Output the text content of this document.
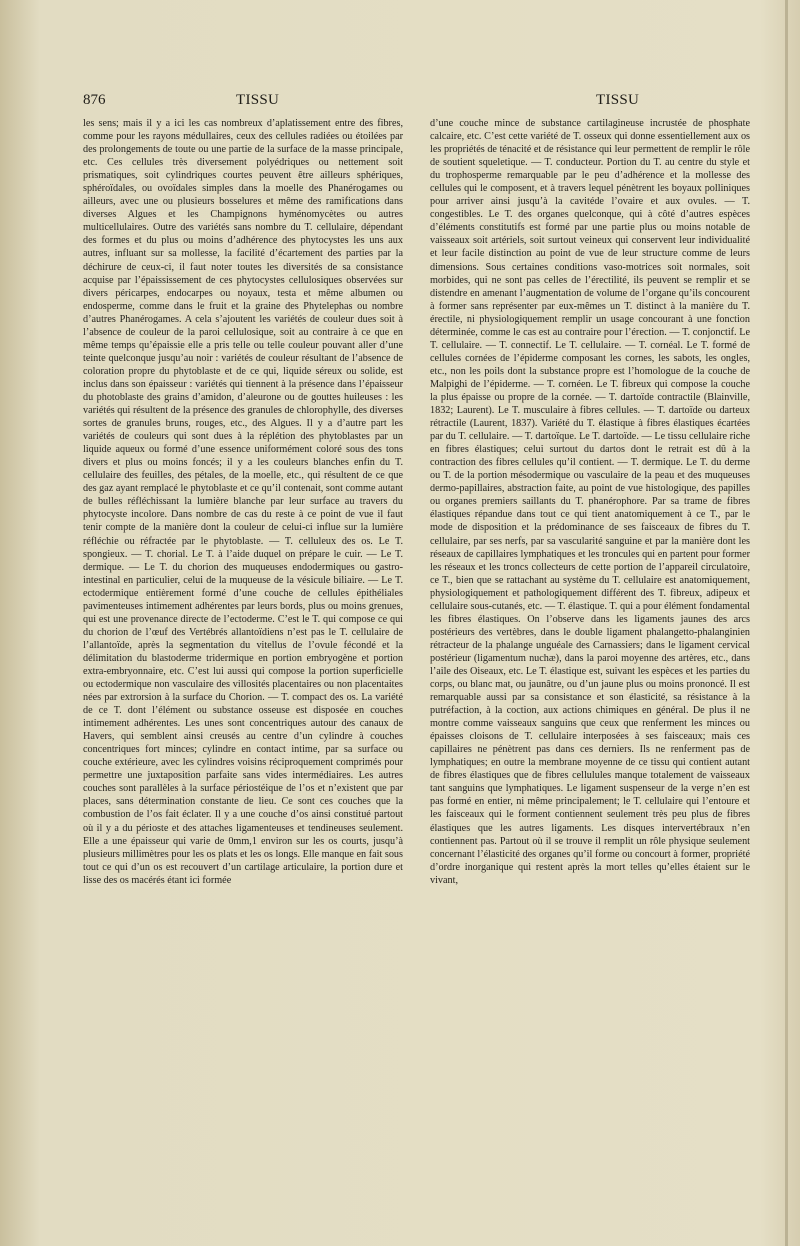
876	TISSU	TISSU

les sens; mais il y a ici les cas nombreux d’aplatissement entre des fibres, comme pour les rayons médullaires, ceux des cellules radiées ou étoilées par des prolongements de toute ou une partie de la surface de la masse principale, etc. Ces cellules très diversement polyédriques ou nettement soit prismatiques, soit cylindriques courtes peuvent être ailleurs sphériques, sphéroïdales, ou ovoïdales simples dans la moelle des Phanérogames ou ailleurs, avec une ou plusieurs bosselures et même des ramifications dans diverses Algues et les Champignons hyménomycètes ou autres multicellulaires. Outre des variétés sans nombre du T. cellulaire, dépendant des formes et du plus ou moins d’adhérence des phytocystes les uns aux autres, influant sur sa mollesse, la facilité d’écartement des parties par la déchirure de ceux-ci, il faut noter toutes les diversités de sa consistance acquise par l’épaississement de ces phytocystes cellulosiques observées sur divers péricarpes, endocarpes ou noyaux, testa et même albumen ou endosperme, comme dans le fruit et la graine des Phytelephas ou nombre d’autres Phanérogames. A cela s’ajoutent les variétés de couleur dues soit à l’absence de couleur de la paroi cellulosique, soit au contraire à ce que en même temps qu’épaissie elle a pris telle ou telle couleur pouvant aller d’une teinte quelconque jusqu’au noir : variétés de couleur résultant de l’absence de coloration propre du phytoblaste et de ce qui, liquide séreux ou solide, est inclus dans son épaisseur : variétés qui tiennent à la présence dans l’épaisseur du photoblaste des grains d’amidon, d’aleurone ou de gouttes huileuses : les variétés qui résultent de la présence des granules de chlorophylle, des diverses sortes de granules bruns, rouges, etc., des Algues. Il y a d’autre part les variétés de couleurs qui sont dues à la réplétion des phytoblastes par un liquide aqueux ou formé d’une essence uniformément coloré sous des tons divers et plus ou moins foncés; il y a les couleurs blanches enfin du T. cellulaire des feuilles, des pétales, de la moelle, etc., qui résultent de ce que des gaz ayant remplacé le phytoblaste et ce qu’il contenait, sont comme autant de bulles réfléchissant la lumière blanche par leur surface au travers du phytocyste incolore. Dans nombre de cas du reste à ce point de vue il faut tenir compte de la manière dont la couleur de celui-ci influe sur la lumière réfléchie ou réfractée par le phytoblaste. — T. celluleux des os. Le T. spongieux. — T. chorial. Le T. à l’aide duquel on prépare le cuir. — Le T. dermique. — Le T. du chorion des muqueuses endodermiques ou gastro-intestinal en particulier, celui de la muqueuse de la vésicule biliaire. — Le T. ectodermique entièrement formé d’une couche de cellules épithéliales pavimenteuses intimement adhérentes par leurs bords, plus ou moins grenues, qui est une provenance directe de l’ectoderme. C’est le T. qui compose ce qui du chorion de l’œuf des Vertébrés allantoïdiens n’est pas le T. cellulaire de l’allantoïde, après la segmentation du vitellus de l’ovule fécondé et la délimitation du blastoderme tridermique en portion embryogène et portion extra-embryonnaire, etc. C’est lui aussi qui compose la portion superficielle ou ectodermique non vasculaire des villosités placentaires ou non placentaites nées par extrorsion à la surface du Chorion. — T. compact des os. La variété de ce T. dont l’élément ou substance osseuse est disposée en couches intimement adhérentes. Les unes sont concentriques autour des canaux de Havers, qui semblent ainsi creusés au centre d’un cylindre à couches concentriques fort minces; cylindre en contact intime, par sa surface ou couche extérieure, avec les cylindres voisins réciproquement comprimés pour permettre une juxtaposition parfaite sans vides intermédiaires. Les autres couches sont parallèles à la surface périostéique de l’os et n’existent que par places, sans détermination constante de lieu. Ce sont ces couches que la combustion de l’os fait éclater. Il y a une couche d’os ainsi constitué partout où il y a du périoste et des attaches ligamenteuses et tendineuses seulement. Elle a une épaisseur qui varie de 0mm,1 environ sur les os courts, jusqu’à plusieurs millimètres pour les os plats et les os longs. Elle manque en fait sous tout ce qui d’un os est recouvert d’un cartilage articulaire, la portion dure et lisse des os macérés étant ici formée

d’une couche mince de substance cartilagineuse incrustée de phosphate calcaire, etc. C’est cette variété de T. osseux qui donne essentiellement aux os les propriétés de ténacité et de résistance qui leur permettent de remplir le rôle de soutient squeletique. — T. conducteur. Portion du T. au centre du style et du trophosperme remarquable par le peu d’adhérence et la mollesse des cellules qui le composent, et à travers lequel pénètrent les boyaux polliniques pour arriver ainsi jusqu’à la cavitéde l’ovaire et aux ovules. — T. congestibles. Le T. des organes quelconque, qui à côté d’autres espèces d’éléments constitutifs est formé par une partie plus ou moins notable de vaisseaux soit artériels, soit surtout veineux qui conservent leur individualité et leur facile distinction au point de vue de leur structure comme de leurs dimensions. Sous certaines conditions vaso-motrices soit normales, soit morbides, qui ne sont pas celles de l’érectilité, ils peuvent se remplir et se distendre en amenant l’augmentation de volume de l’organe qu’ils concourent à former sans représenter par eux-mêmes un T. distinct à la manière du T. érectile, ni physiologiquement remplir un usage concourant à une fonction déterminée, comme le cas est au contraire pour l’érection. — T. conjonctif. Le T. cellulaire. — T. connectif. Le T. cellulaire. — T. cornéal. Le T. formé de cellules cornées de l’épiderme composant les cornes, les sabots, les ongles, etc., non les poils dont la substance propre est l’homologue de la couche de Malpighi de l’épiderme. — T. cornéen. Le T. fibreux qui compose la couche la plus épaisse ou propre de la cornée. — T. dartoïde contractile (Blainville, 1832; Laurent). Le T. musculaire à fibres cellules. — T. dartoïde ou darteux rétractile (Laurent, 1837). Variété du T. élastique à fibres élastiques écartées par du T. cellulaire. — T. dartoïque. Le T. dartoïde. — Le tissu cellulaire riche en fibres élastiques; celui surtout du dartos dont le retrait est dû à la contraction des fibres cellules qu’il contient. — T. dermique. Le T. du derme ou T. de la portion mésodermique ou vasculaire de la peau et des muqueuses dermo-papillaires, abstraction faite, au point de vue histologique, des papilles ou organes premiers saillants du T. phanérophore. Par sa trame de fibres élastiques répandue dans tout ce qui tient anatomiquement à ce T., par le mode de disposition et la prédominance de ses faisceaux de fibres du T. cellulaire, par ses nerfs, par sa vascularité sanguine et par la manière dont les réseaux de capillaires lymphatiques et les troncules qui en partent pour former les réseaux et les troncs collecteurs de cette portion de l’appareil circulatoire, ce T., bien que se rattachant au système du T. cellulaire est anatomiquement, physiologiquement et pathologiquement différent des T. fibreux, adipeux et cellulaire sous-cutanés, etc. — T. élastique. T. qui a pour élément fondamental les fibres élastiques. On l’observe dans les ligaments jaunes des arcs postérieurs des vertèbres, dans le double ligament phalangetto-phalanginien rétracteur de la phalange unguéale des Carnassiers; dans le ligament cervical postérieur (ligamentum nuchæ), dans la paroi moyenne des artères, etc., dans l’aile des Oiseaux, etc. Le T. élastique est, suivant les espèces et les parties du corps, ou blanc mat, ou jaunâtre, ou d’un jaune plus ou moins prononcé. Il est remarquable aussi par sa consistance et son élasticité, sa résistance à la putréfaction, à la coction, aux actions chimiques en général. De plus il ne montre comme vaisseaux sanguins que ceux que renferment les minces ou épaisses cloisons de T. cellulaire interposées à ses faisceaux; mais ces capillaires ne pénètrent pas dans ces derniers. Ils ne renferment pas de lymphatiques; en outre la membrane moyenne de ce tissu qui contient autant de fibres élastiques que de fibres cellulules manque totalement de vaisseaux tant sanguins que lymphatiques. Le ligament suspenseur de la verge n’en est pas formé en entier, ni même principalement; le T. cellulaire qui l’entoure et les faisceaux qui le forment contiennent seulement très peu plus de fibres élastiques que les autres ligaments. Les disques intervertébraux n’en contiennent pas. Partout où il se trouve il remplit un rôle physique seulement concernant l’élasticité des organes qu’il forme ou concourt à former, propriété d’ordre inorganique qui restent après la mort telles qu’elles étaient sur le vivant,
